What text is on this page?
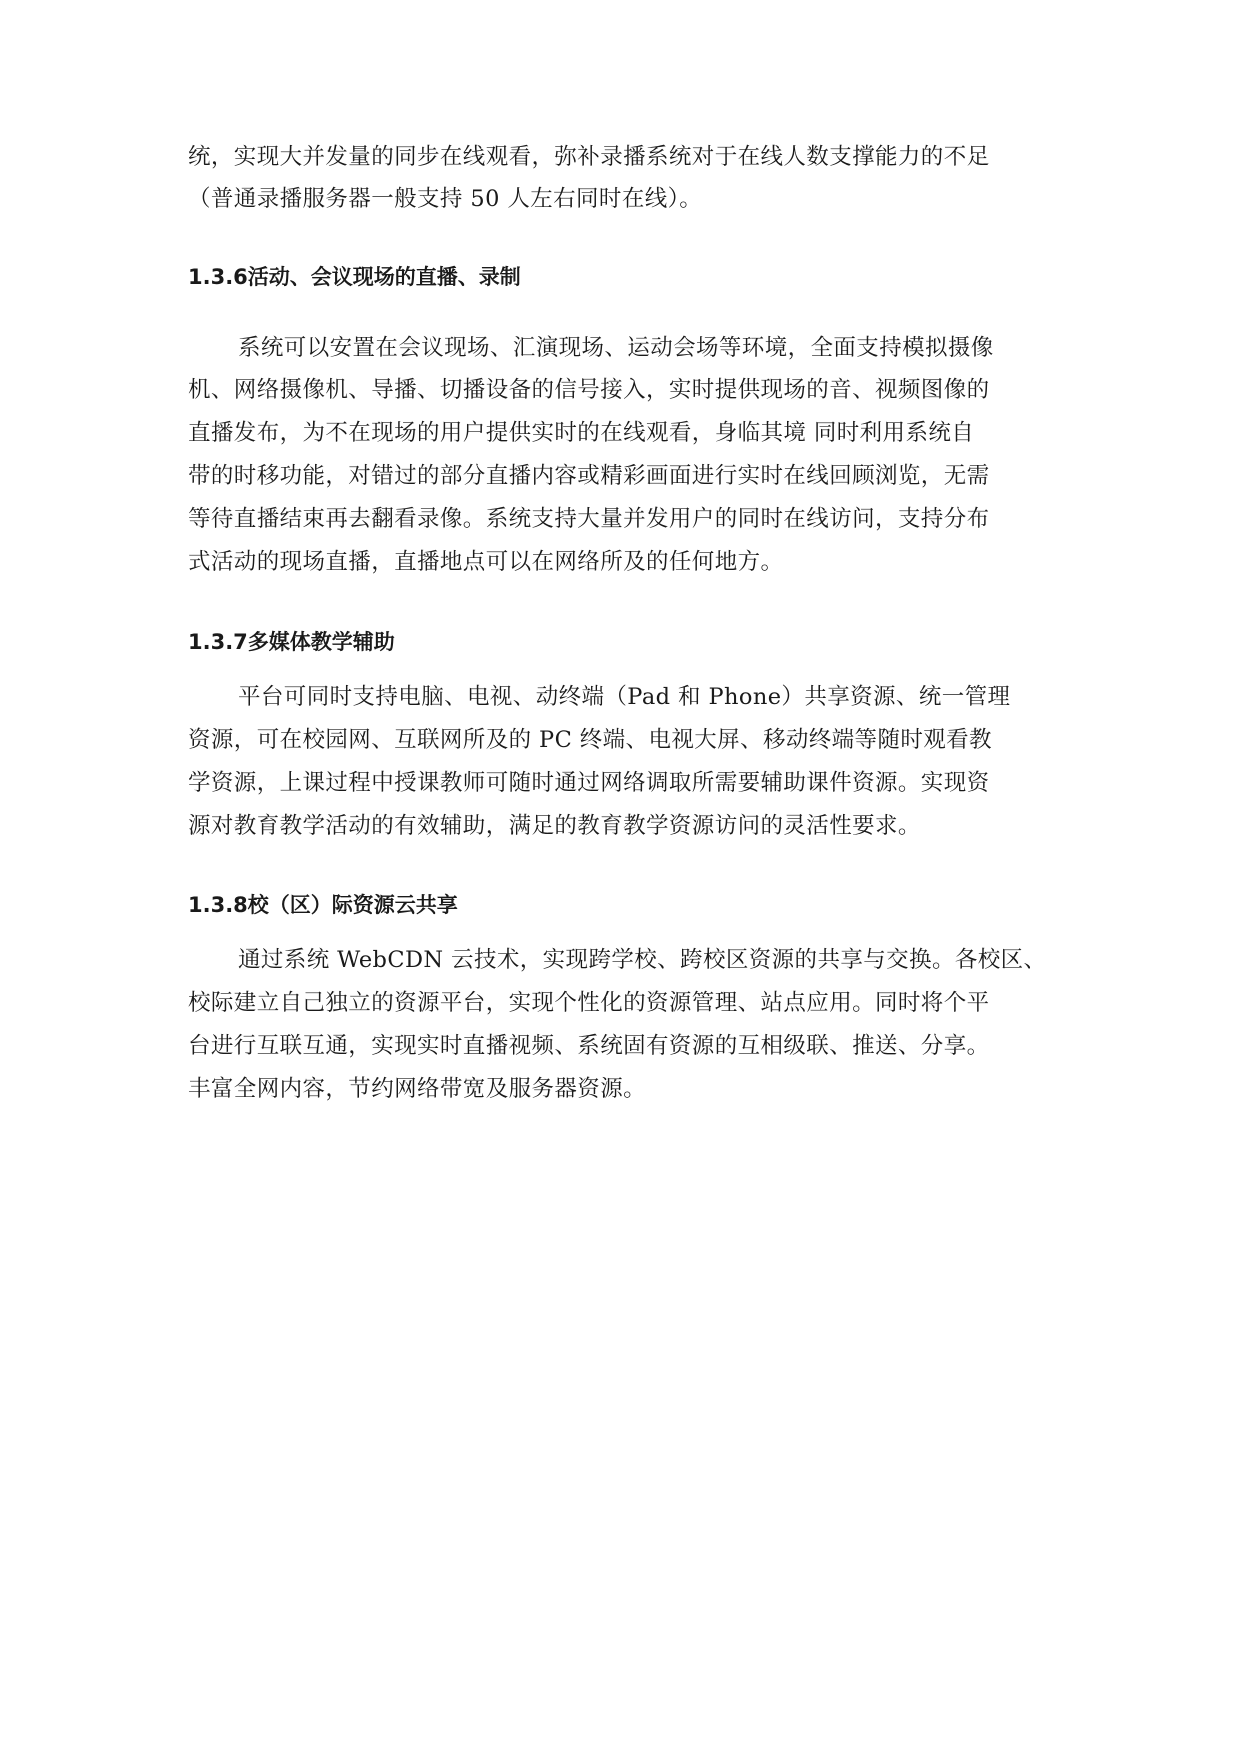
统，实现大并发量的同步在线观看，弥补录播系统对于在线人数支撑能力的不足
（普通录播服务器一般支持 50 人左右同时在线）。
1.3.6活动、会议现场的直播、录制
系统可以安置在会议现场、汇演现场、运动会场等环境，全面支持模拟摄像
机、网络摄像机、导播、切播设备的信号接入，实时提供现场的音、视频图像的
直播发布，为不在现场的用户提供实时的在线观看，身临其境 同时利用系统自
带的时移功能，对错过的部分直播内容或精彩画面进行实时在线回顾浏览，无需
等待直播结束再去翻看录像。系统支持大量并发用户的同时在线访问，支持分布
式活动的现场直播，直播地点可以在网络所及的任何地方。
1.3.7多媒体教学辅助
平台可同时支持电脑、电视、动终端（Pad 和 Phone）共享资源、统一管理
资源，可在校园网、互联网所及的 PC 终端、电视大屏、移动终端等随时观看教
学资源，上课过程中授课教师可随时通过网络调取所需要辅助课件资源。实现资
源对教育教学活动的有效辅助，满足的教育教学资源访问的灵活性要求。
1.3.8校（区）际资源云共享
通过系统 WebCDN 云技术，实现跨学校、跨校区资源的共享与交换。各校区、
校际建立自己独立的资源平台，实现个性化的资源管理、站点应用。同时将个平
台进行互联互通，实现实时直播视频、系统固有资源的互相级联、推送、分享。
丰富全网内容，节约网络带宽及服务器资源。
